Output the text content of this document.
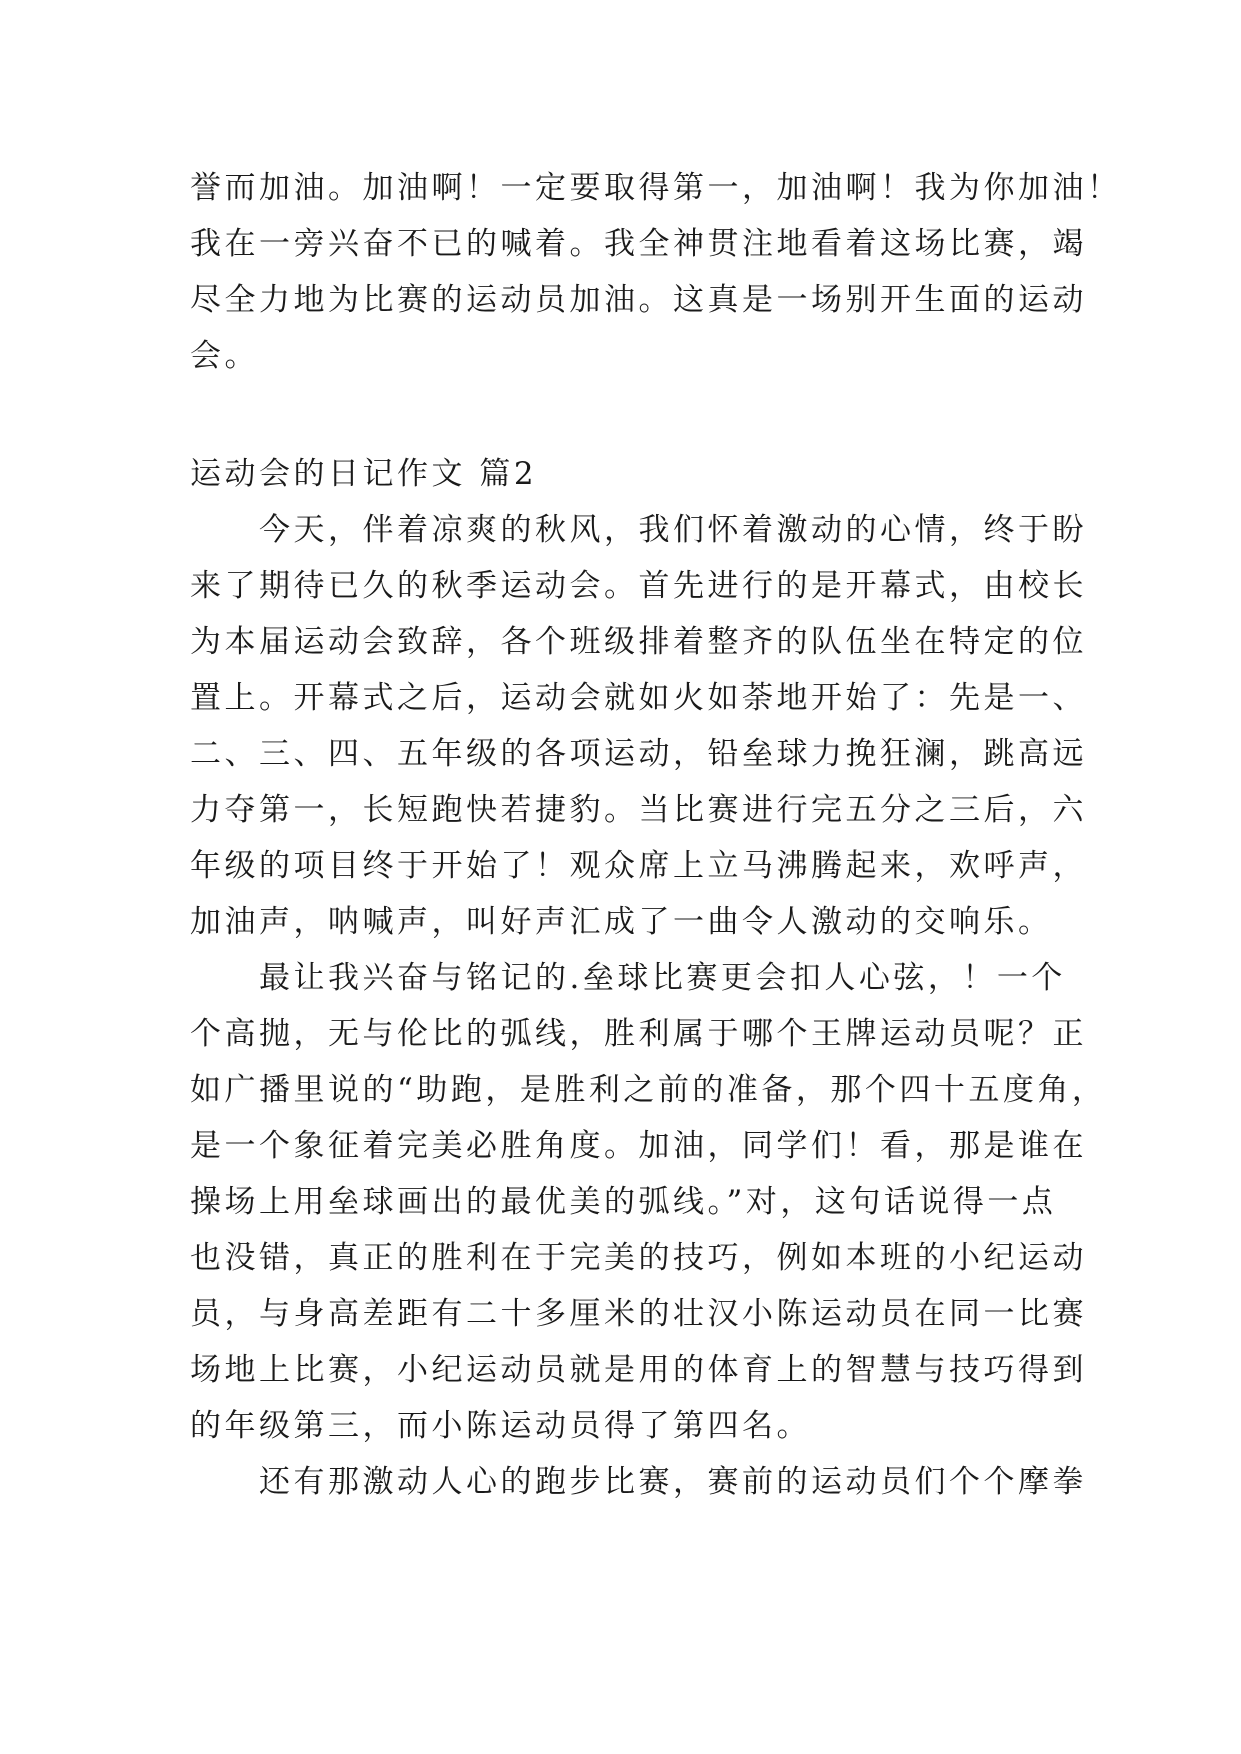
誉而加油。加油啊！一定要取得第一，加油啊！我为你加油！
我在一旁兴奋不已的喊着。我全神贯注地看着这场比赛，竭
尽全力地为比赛的运动员加油。这真是一场别开生面的运动
会。
运动会的日记作文 篇2
　　今天，伴着凉爽的秋风，我们怀着激动的心情，终于盼
来了期待已久的秋季运动会。首先进行的是开幕式，由校长
为本届运动会致辞，各个班级排着整齐的队伍坐在特定的位
置上。开幕式之后，运动会就如火如荼地开始了：先是一、
二、三、四、五年级的各项运动，铅垒球力挽狂澜，跳高远
力夺第一，长短跑快若捷豹。当比赛进行完五分之三后，六
年级的项目终于开始了！观众席上立马沸腾起来，欢呼声，
加油声，呐喊声，叫好声汇成了一曲令人激动的交响乐。
　　最让我兴奋与铭记的.垒球比赛更会扣人心弦，！一个
个高抛，无与伦比的弧线，胜利属于哪个王牌运动员呢？正
如广播里说的“助跑，是胜利之前的准备，那个四十五度角，
是一个象征着完美必胜角度。加油，同学们！看，那是谁在
操场上用垒球画出的最优美的弧线。”对，这句话说得一点
也没错，真正的胜利在于完美的技巧，例如本班的小纪运动
员，与身高差距有二十多厘米的壮汉小陈运动员在同一比赛
场地上比赛，小纪运动员就是用的体育上的智慧与技巧得到
的年级第三，而小陈运动员得了第四名。
　　还有那激动人心的跑步比赛，赛前的运动员们个个摩拳
